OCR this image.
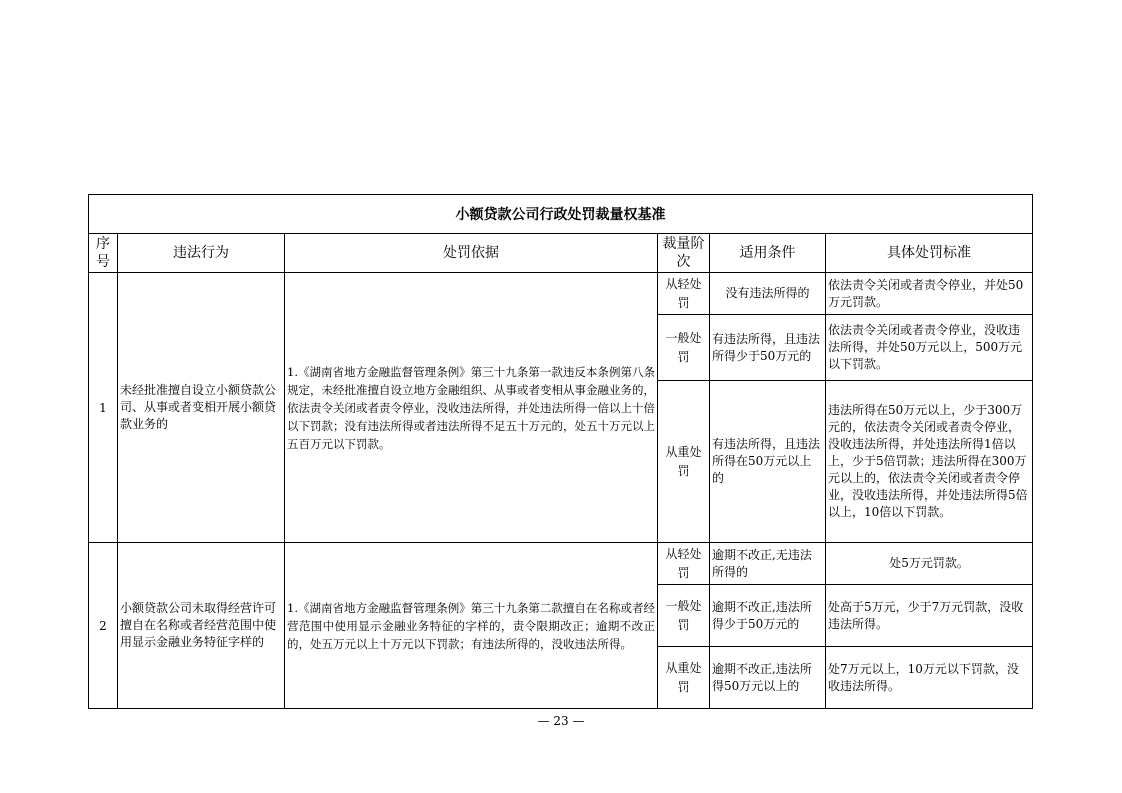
小额贷款公司行政处罚裁量权基准					
序号	违法行为	处罚依据	裁量阶次	适用条件	具体处罚标准
1	未经批准擅自设立小额贷款公司、从事或者变相开展小额贷款业务的	1.《湖南省地方金融监督管理条例》第三十九条第一款违反本条例第八条规定，未经批准擅自设立地方金融组织、从事或者变相从事金融业务的，依法责令关闭或者责令停业，没收违法所得，并处违法所得一倍以上十倍以下罚款；没有违法所得或者违法所得不足五十万元的，处五十万元以上五百万元以下罚款。	从轻处罚	没有违法所得的	依法责令关闭或者责令停业，并处50万元罚款。
			一般处罚	有违法所得，且违法所得少于50万元的	依法责令关闭或者责令停业，没收违法所得，并处50万元以上，500万元以下罚款。
			从重处罚	有违法所得，且违法所得在50万元以上的	违法所得在50万元以上，少于300万元的，依法责令关闭或者责令停业，没收违法所得，并处违法所得1倍以上，少于5倍罚款；违法所得在300万元以上的，依法责令关闭或者责令停业，没收违法所得，并处违法所得5倍以上，10倍以下罚款。
2	小额贷款公司未取得经营许可擅自在名称或者经营范围中使用显示金融业务特征字样的	1.《湖南省地方金融监督管理条例》第三十九条第二款擅自在名称或者经营范围中使用显示金融业务特征的字样的，责令限期改正；逾期不改正的，处五万元以上十万元以下罚款；有违法所得的，没收违法所得。	从轻处罚	逾期不改正,无违法所得的	处5万元罚款。
			一般处罚	逾期不改正,违法所得少于50万元的	处高于5万元，少于7万元罚款，没收违法所得。
			从重处罚	逾期不改正,违法所得50万元以上的	处7万元以上，10万元以下罚款，没收违法所得。
— 23 —
